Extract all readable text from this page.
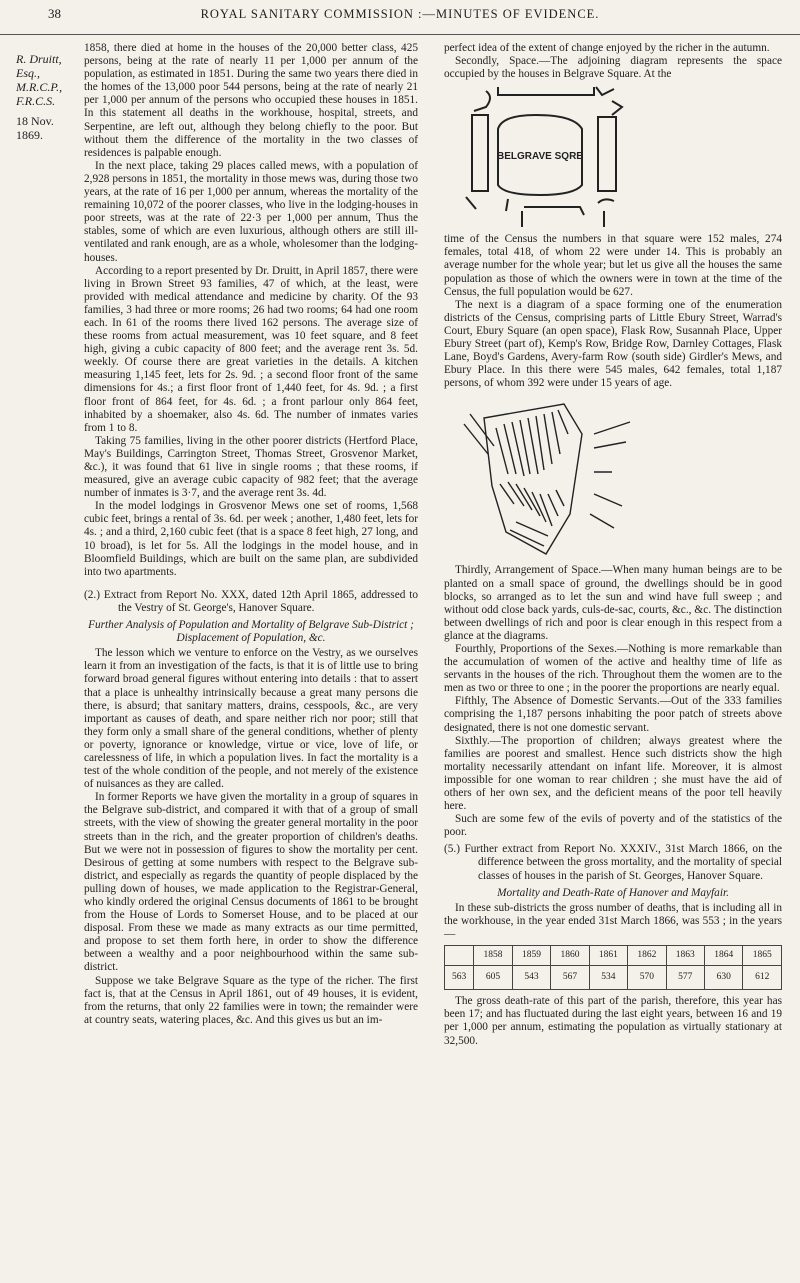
38	ROYAL SANITARY COMMISSION :—MINUTES OF EVIDENCE.
R. Druitt,
Esq.,
M.R.C.P.,
F.R.C.S.
18 Nov. 1869.

1858, there died at home in the houses of the 20,000 better class, 425 persons, being at the rate of nearly 11 per 1,000 per annum of the population, as estimated in 1851. During the same two years there died in the homes of the 13,000 poor 544 persons, being at the rate of nearly 21 per 1,000 per annum of the persons who occupied these houses in 1851. In this statement all deaths in the workhouse, hospital, streets, and Serpentine, are left out, although they belong chiefly to the poor. But without them the difference of the mortality in the two classes of residences is palpable enough.

In the next place, taking 29 places called mews, with a population of 2,928 persons in 1851, the mortality in those mews was, during those two years, at the rate of 16 per 1,000 per annum, whereas the mortality of the remaining 10,072 of the poorer classes, who live in the lodging-houses in poor streets, was at the rate of 22·3 per 1,000 per annum, Thus the stables, some of which are even luxurious, although others are still ill-ventilated and rank enough, are as a whole, wholesomer than the lodging-houses.

According to a report presented by Dr. Druitt, in April 1857, there were living in Brown Street 93 families, 47 of which, at the least, were provided with medical attendance and medicine by charity. Of the 93 families, 3 had three or more rooms; 26 had two rooms; 64 had one room each. In 61 of the rooms there lived 162 persons. The average size of these rooms from actual measurement, was 10 feet square, and 8 feet high, giving a cubic capacity of 800 feet; and the average rent 3s. 5d. weekly. Of course there are great varieties in the details. A kitchen measuring 1,145 feet, lets for 2s. 9d. ; a second floor front of the same dimensions for 4s.; a first floor front of 1,440 feet, for 4s. 9d. ; a first floor front of 864 feet, for 4s. 6d. ; a front parlour only 864 feet, inhabited by a shoemaker, also 4s. 6d. The number of inmates varies from 1 to 8.

Taking 75 families, living in the other poorer districts (Hertford Place, May's Buildings, Carrington Street, Thomas Street, Grosvenor Market, &c.), it was found that 61 live in single rooms ; that these rooms, if measured, give an average cubic capacity of 982 feet; that the average number of inmates is 3·7, and the average rent 3s. 4d.

In the model lodgings in Grosvenor Mews one set of rooms, 1,568 cubic feet, brings a rental of 3s. 6d. per week ; another, 1,480 feet, lets for 4s. ; and a third, 2,160 cubic feet (that is a space 8 feet high, 27 long, and 10 broad), is let for 5s. All the lodgings in the model house, and in Bloomfield Buildings, which are built on the same plan, are subdivided into two apartments.

(2.) Extract from Report No. XXX, dated 12th April 1865, addressed to the Vestry of St. George's, Hanover Square.

Further Analysis of Population and Mortality of Belgrave Sub-District ; Displacement of Population, &c.

The lesson which we venture to enforce on the Vestry, as we ourselves learn it from an investigation of the facts, is that it is of little use to bring forward broad general figures without entering into details : that to assert that a place is unhealthy intrinsically because a great many persons die there, is absurd; that sanitary matters, drains, cesspools, &c., are very important as causes of death, and spare neither rich nor poor; still that they form only a small share of the general conditions, whether of plenty or poverty, ignorance or knowledge, virtue or vice, love of life, or carelessness of life, in which a population lives. In fact the mortality is a test of the whole condition of the people, and not merely of the existence of nuisances as they are called.

In former Reports we have given the mortality in a group of squares in the Belgrave sub-district, and compared it with that of a group of small streets, with the view of showing the greater general mortality in the poor streets than in the rich, and the greater proportion of children's deaths. But we were not in possession of figures to show the mortality per cent. Desirous of getting at some numbers with respect to the Belgrave sub-district, and especially as regards the quantity of people displaced by the pulling down of houses, we made application to the Registrar-General, who kindly ordered the original Census documents of 1861 to be brought from the House of Lords to Somerset House, and to be placed at our disposal. From these we made as many extracts as our time permitted, and propose to set them forth here, in order to show the difference between a wealthy and a poor neighbourhood within the same sub-district.

Suppose we take Belgrave Square as the type of the richer. The first fact is, that at the Census in April 1861, out of 49 houses, it is evident, from the returns, that only 22 families were in town; the remainder were at country seats, watering places, &c. And this gives us but an im-

perfect idea of the extent of change enjoyed by the richer in the autumn.

Secondly, Space.—The adjoining diagram represents the space occupied by the houses in Belgrave Square. At the

BELGRAVE SQRE

time of the Census the numbers in that square were 152 males, 274 females, total 418, of whom 22 were under 14. This is probably an average number for the whole year; but let us give all the houses the same population as those of which the owners were in town at the time of the Census, the full population would be 627.

The next is a diagram of a space forming one of the enumeration districts of the Census, comprising parts of Little Ebury Street, Warrad's Court, Ebury Square (an open space), Flask Row, Susannah Place, Upper Ebury Street (part of), Kemp's Row, Bridge Row, Darnley Cottages, Flask Lane, Boyd's Gardens, Avery-farm Row (south side) Girdler's Mews, and Ebury Place. In this there were 545 males, 642 females, total 1,187 persons, of whom 392 were under 15 years of age.

Thirdly, Arrangement of Space.—When many human beings are to be planted on a small space of ground, the dwellings should be in good blocks, so arranged as to let the sun and wind have full sweep ; and without odd close back yards, culs-de-sac, courts, &c., &c. The distinction between dwellings of rich and poor is clear enough in this respect from a glance at the diagrams.

Fourthly, Proportions of the Sexes.—Nothing is more remarkable than the accumulation of women of the active and healthy time of life as servants in the houses of the rich. Throughout them the women are to the men as two or three to one ; in the poorer the proportions are nearly equal.

Fifthly, The Absence of Domestic Servants.—Out of the 333 families comprising the 1,187 persons inhabiting the poor patch of streets above designated, there is not one domestic servant.

Sixthly.—The proportion of children; always greatest where the families are poorest and smallest. Hence such districts show the high mortality necessarily attendant on infant life. Moreover, it is almost impossible for one woman to rear children ; she must have the aid of others of her own sex, and the deficient means of the poor tell heavily here.

Such are some few of the evils of poverty and of the statistics of the poor.

(5.) Further extract from Report No. XXXIV., 31st March 1866, on the difference between the gross mortality, and the mortality of special classes of houses in the parish of St. Georges, Hanover Square.

Mortality and Death-Rate of Hanover and Mayfair.

In these sub-districts the gross number of deaths, that is including all in the workhouse, in the year ended 31st March 1866, was 553 ; in the years—

	1858	1859	1860	1861	1862	1863	1864	1865
563	605	543	567	534	570	577	630	612

The gross death-rate of this part of the parish, therefore, this year has been 17; and has fluctuated during the last eight years, between 16 and 19 per 1,000 per annum, estimating the population as virtually stationary at 32,500.
